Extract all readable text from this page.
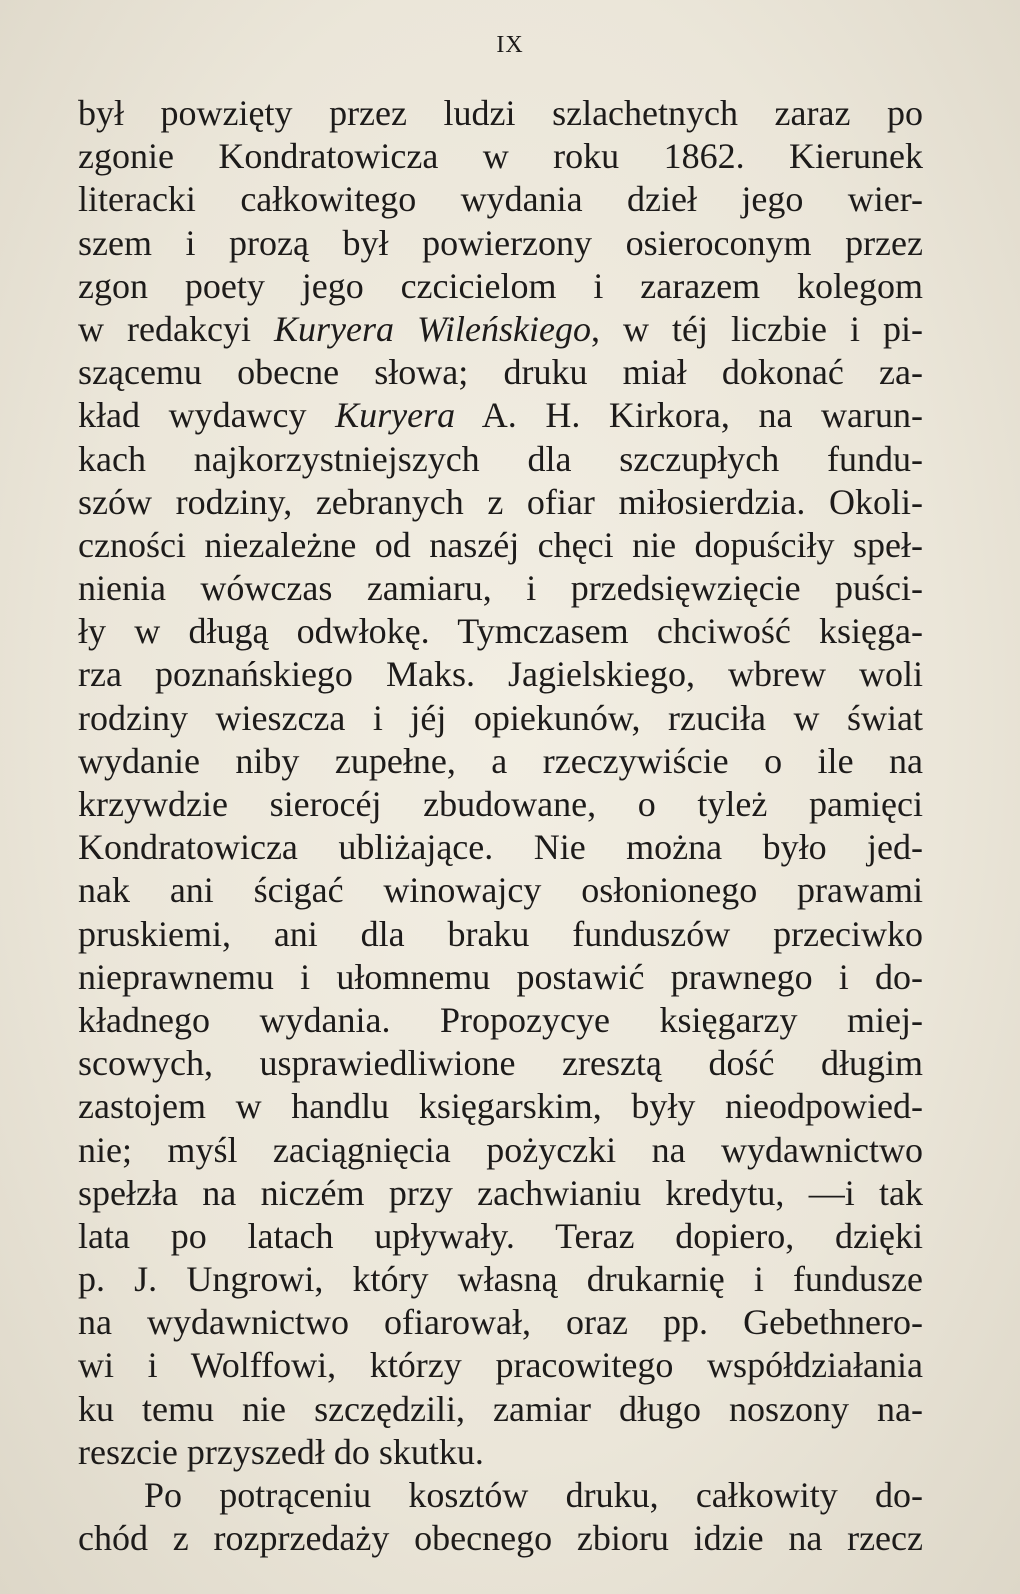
IX
był powzięty przez ludzi szlachetnych zaraz po
zgonie Kondratowicza w roku 1862. Kierunek
literacki całkowitego wydania dzieł jego wier-
szem i prozą był powierzony osieroconym przez
zgon poety jego czcicielom i zarazem kolegom
w redakcyi Kuryera Wileńskiego, w téj liczbie i pi-
szącemu obecne słowa; druku miał dokonać za-
kład wydawcy Kuryera A. H. Kirkora, na warun-
kach najkorzystniejszych dla szczupłych fundu-
szów rodziny, zebranych z ofiar miłosierdzia. Okoli-
czności niezależne od naszéj chęci nie dopuściły speł-
nienia wówczas zamiaru, i przedsięwzięcie puści-
ły w długą odwłokę. Tymczasem chciwość księga-
rza poznańskiego Maks. Jagielskiego, wbrew woli
rodziny wieszcza i jéj opiekunów, rzuciła w świat
wydanie niby zupełne, a rzeczywiście o ile na
krzywdzie sierocéj zbudowane, o tyleż pamięci
Kondratowicza ubliżające. Nie można było jed-
nak ani ścigać winowajcy osłonionego prawami
pruskiemi, ani dla braku funduszów przeciwko
nieprawnemu i ułomnemu postawić prawnego i do-
kładnego wydania. Propozycye księgarzy miej-
scowych, usprawiedliwione zresztą dość długim
zastojem w handlu księgarskim, były nieodpowied-
nie; myśl zaciągnięcia pożyczki na wydawnictwo
spełzła na niczém przy zachwianiu kredytu, —i tak
lata po latach upływały. Teraz dopiero, dzięki
p. J. Ungrowi, który własną drukarnię i fundusze
na wydawnictwo ofiarował, oraz pp. Gebethnero-
wi i Wolffowi, którzy pracowitego współdziałania
ku temu nie szczędzili, zamiar długo noszony na-
reszcie przyszedł do skutku.
Po potrąceniu kosztów druku, całkowity do-
chód z rozprzedaży obecnego zbioru idzie na rzecz
